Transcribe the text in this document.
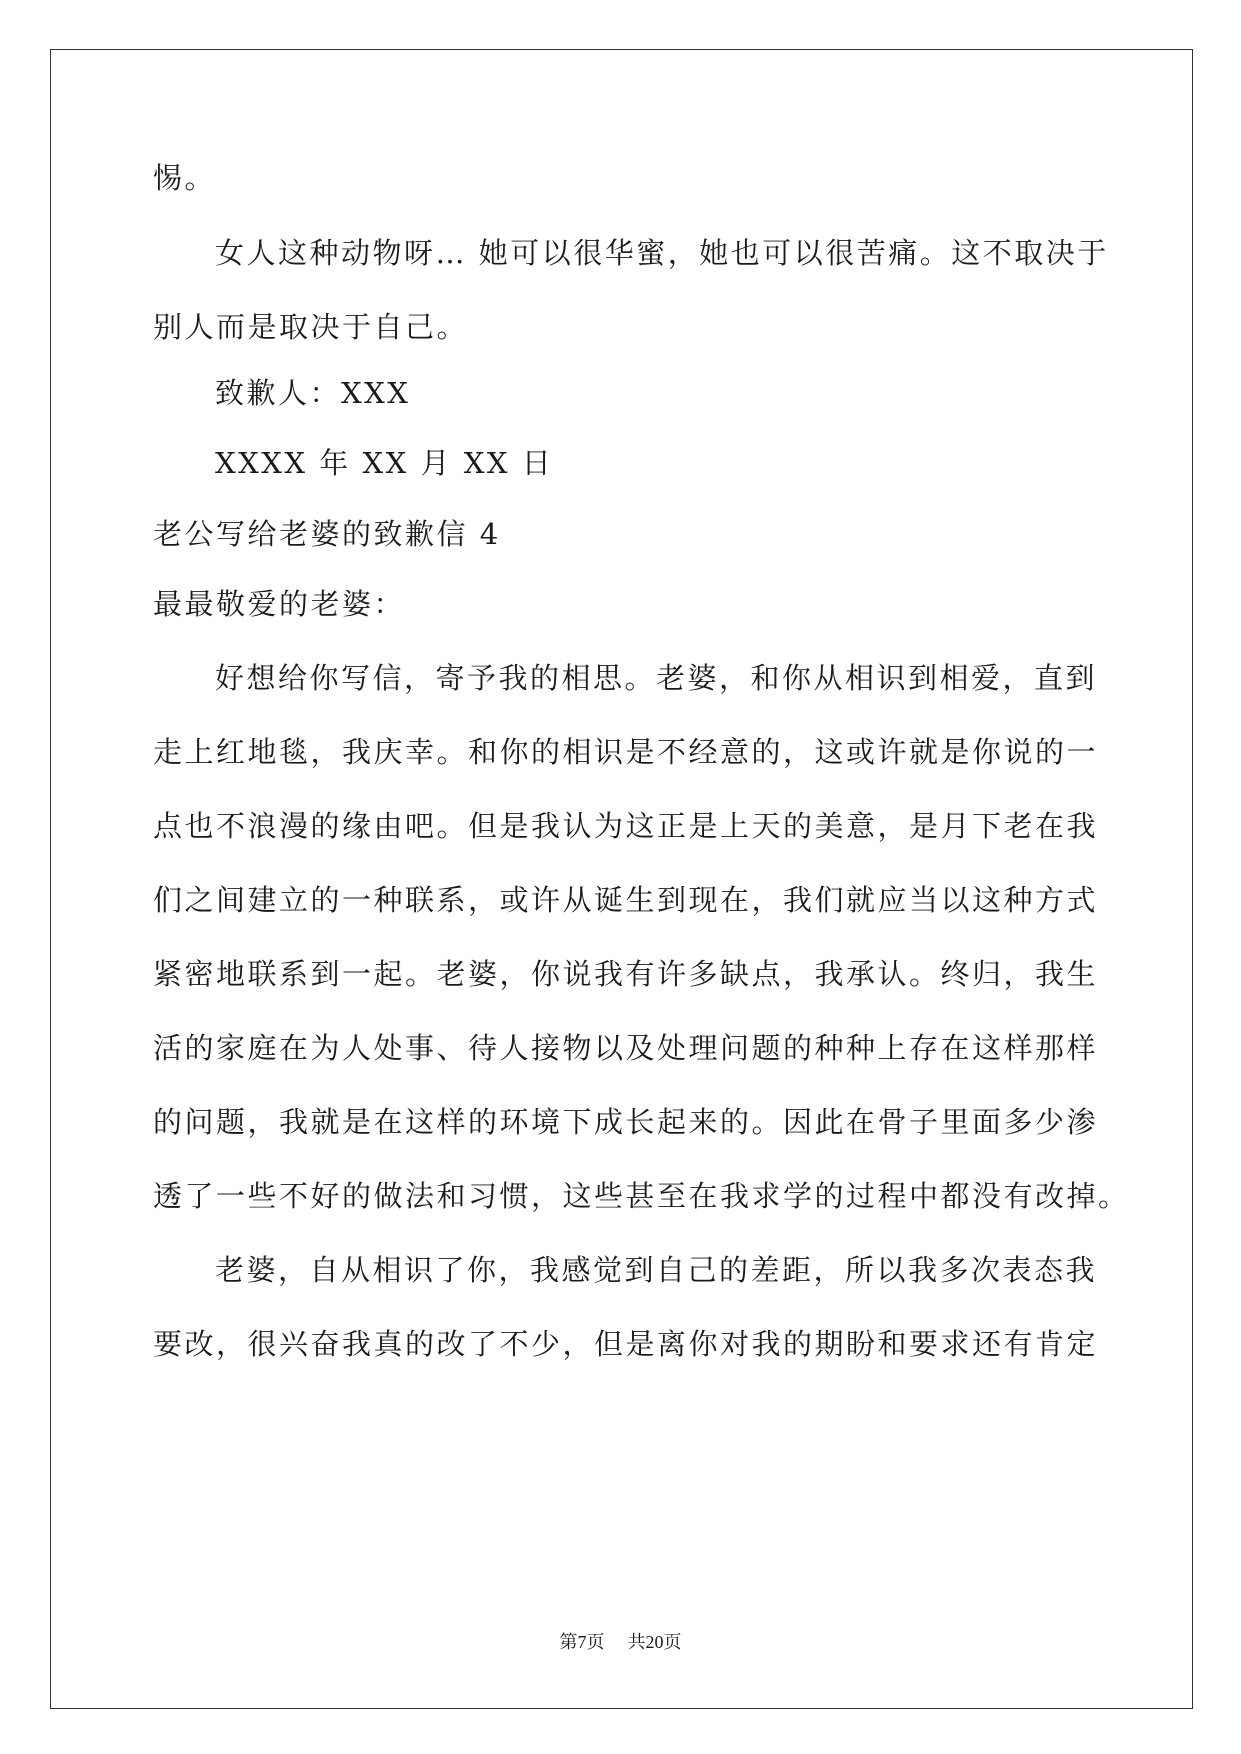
惕。
女人这种动物呀… 她可以很华蜜，她也可以很苦痛。这不取决于
别人而是取决于自己。
致歉人：XXX
XXXX 年 XX 月 XX 日
老公写给老婆的致歉信 4
最最敬爱的老婆：
好想给你写信，寄予我的相思。老婆，和你从相识到相爱，直到
走上红地毯，我庆幸。和你的相识是不经意的，这或许就是你说的一
点也不浪漫的缘由吧。但是我认为这正是上天的美意，是月下老在我
们之间建立的一种联系，或许从诞生到现在，我们就应当以这种方式
紧密地联系到一起。老婆，你说我有许多缺点，我承认。终归，我生
活的家庭在为人处事、待人接物以及处理问题的种种上存在这样那样
的问题，我就是在这样的环境下成长起来的。因此在骨子里面多少渗
透了一些不好的做法和习惯，这些甚至在我求学的过程中都没有改掉。
老婆，自从相识了你，我感觉到自己的差距，所以我多次表态我
要改，很兴奋我真的改了不少，但是离你对我的期盼和要求还有肯定
第7页 共20页
